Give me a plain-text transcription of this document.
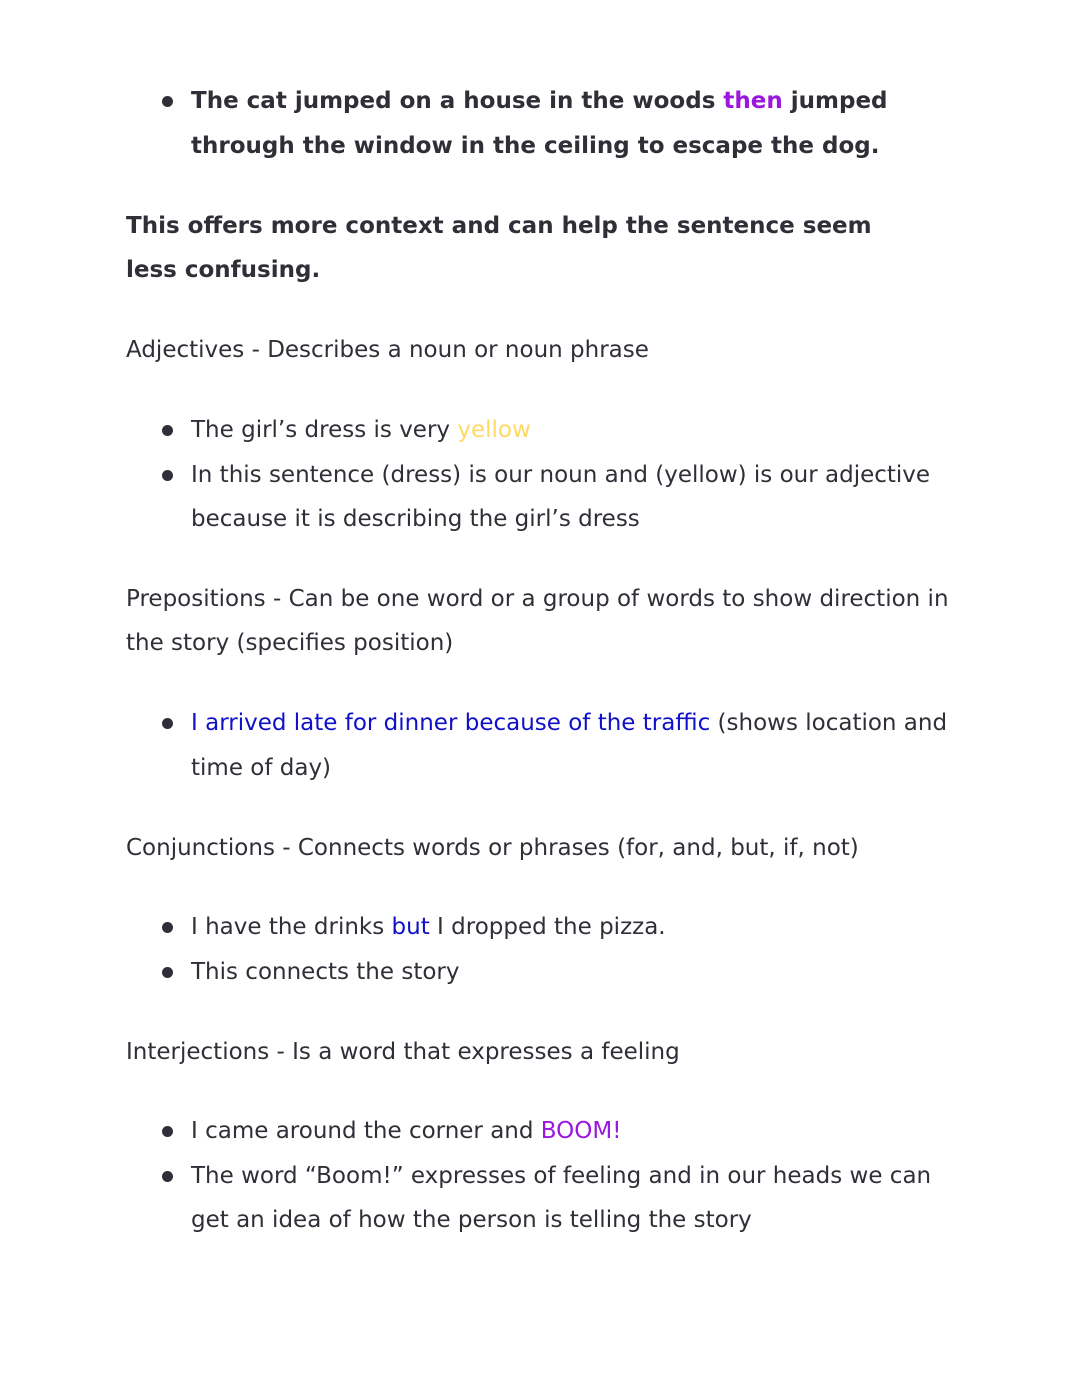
The cat jumped on a house in the woods then jumped through the window in the ceiling to escape the dog.

This offers more context and can help the sentence seem less confusing.

Adjectives - Describes a noun or noun phrase

The girl’s dress is very yellow
In this sentence (dress) is our noun and (yellow) is our adjective because it is describing the girl’s dress

Prepositions - Can be one word or a group of words to show direction in the story (specifies position)

I arrived late for dinner because of the traffic (shows location and time of day)

Conjunctions - Connects words or phrases (for, and, but, if, not)

I have the drinks but I dropped the pizza.
This connects the story

Interjections - Is a word that expresses a feeling

I came around the corner and BOOM!
The word “Boom!” expresses of feeling and in our heads we can get an idea of how the person is telling the story
